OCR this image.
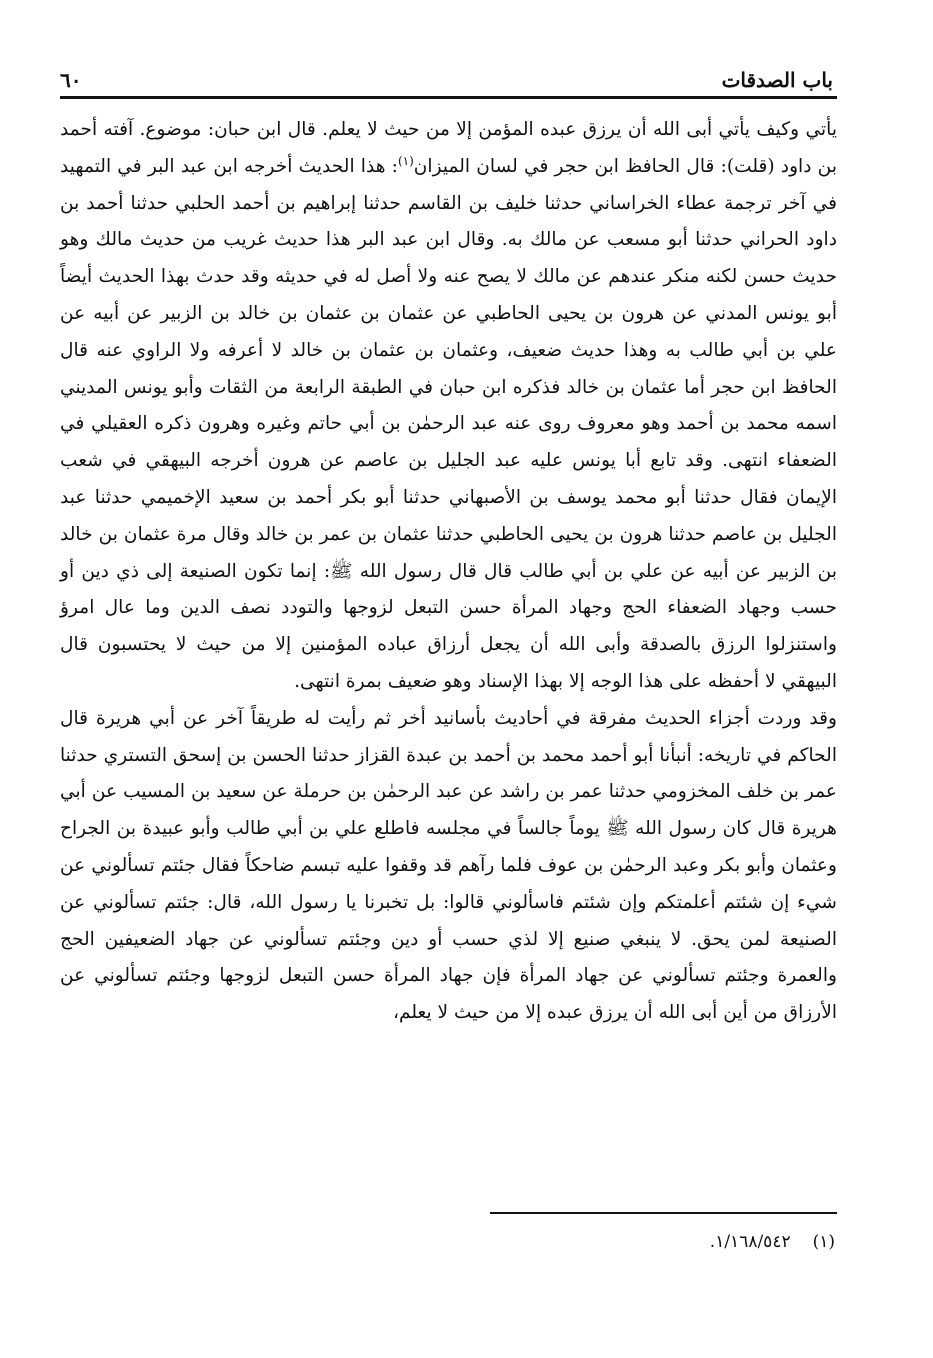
باب الصدقات
٦٠

يأتي وكيف يأتي أبى الله أن يرزق عبده المؤمن إلا من حيث لا يعلم. قال ابن حبان: موضوع. آفته أحمد بن داود (قلت): قال الحافظ ابن حجر في لسان الميزان$^{(١)}$: هذا الحديث أخرجه ابن عبد البر في التمهيد في آخر ترجمة عطاء الخراساني حدثنا خليف بن القاسم حدثنا إبراهيم بن أحمد الحلبي حدثنا أحمد بن داود الحراني حدثنا أبو مسعب عن مالك به. وقال ابن عبد البر هذا حديث غريب من حديث مالك وهو حديث حسن لكنه منكر عندهم عن مالك لا يصح عنه ولا أصل له في حديثه وقد حدث بهذا الحديث أيضاً أبو يونس المدني عن هرون بن يحيى الحاطبي عن عثمان بن عثمان بن خالد بن الزبير عن أبيه عن علي بن أبي طالب به وهذا حديث ضعيف، وعثمان بن عثمان بن خالد لا أعرفه ولا الراوي عنه قال الحافظ ابن حجر أما عثمان بن خالد فذكره ابن حبان في الطبقة الرابعة من الثقات وأبو يونس المديني اسمه محمد بن أحمد وهو معروف روى عنه عبد الرحمٰن بن أبي حاتم وغيره وهرون ذكره العقيلي في الضعفاء انتهى. وقد تابع أبا يونس عليه عبد الجليل بن عاصم عن هرون أخرجه البيهقي في شعب الإيمان فقال حدثنا أبو محمد يوسف بن الأصبهاني حدثنا أبو بكر أحمد بن سعيد الإخميمي حدثنا عبد الجليل بن عاصم حدثنا هرون بن يحيى الحاطبي حدثنا عثمان بن عمر بن خالد وقال مرة عثمان بن خالد بن الزبير عن أبيه عن علي بن أبي طالب قال قال رسول الله ﷺ: إنما تكون الصنيعة إلى ذي دين أو حسب وجهاد الضعفاء الحج وجهاد المرأة حسن التبعل لزوجها والتودد نصف الدين وما عال امرؤ واستنزلوا الرزق بالصدقة وأبى الله أن يجعل أرزاق عباده المؤمنين إلا من حيث لا يحتسبون قال البيهقي لا أحفظه على هذا الوجه إلا بهذا الإسناد وهو ضعيف بمرة انتهى.

وقد وردت أجزاء الحديث مفرقة في أحاديث بأسانيد أخر ثم رأيت له طريقاً آخر عن أبي هريرة قال الحاكم في تاريخه: أنبأنا أبو أحمد محمد بن أحمد بن عبدة القزاز حدثنا الحسن بن إسحق التستري حدثنا عمر بن خلف المخزومي حدثنا عمر بن راشد عن عبد الرحمٰن بن حرملة عن سعيد بن المسيب عن أبي هريرة قال كان رسول الله ﷺ يوماً جالساً في مجلسه فاطلع علي بن أبي طالب وأبو عبيدة بن الجراح وعثمان وأبو بكر وعبد الرحمٰن بن عوف فلما رآهم قد وقفوا عليه تبسم ضاحكاً فقال جئتم تسألوني عن شيء إن شئتم أعلمتكم وإن شئتم فاسألوني قالوا: بل تخبرنا يا رسول الله، قال: جئتم تسألوني عن الصنيعة لمن يحق. لا ينبغي صنيع إلا لذي حسب أو دين وجئتم تسألوني عن جهاد الضعيفين الحج والعمرة وجئتم تسألوني عن جهاد المرأة فإن جهاد المرأة حسن التبعل لزوجها وجئتم تسألوني عن الأرزاق من أين أبى الله أن يرزق عبده إلا من حيث لا يعلم،

(١)١/١٦٨/٥٤٢.
